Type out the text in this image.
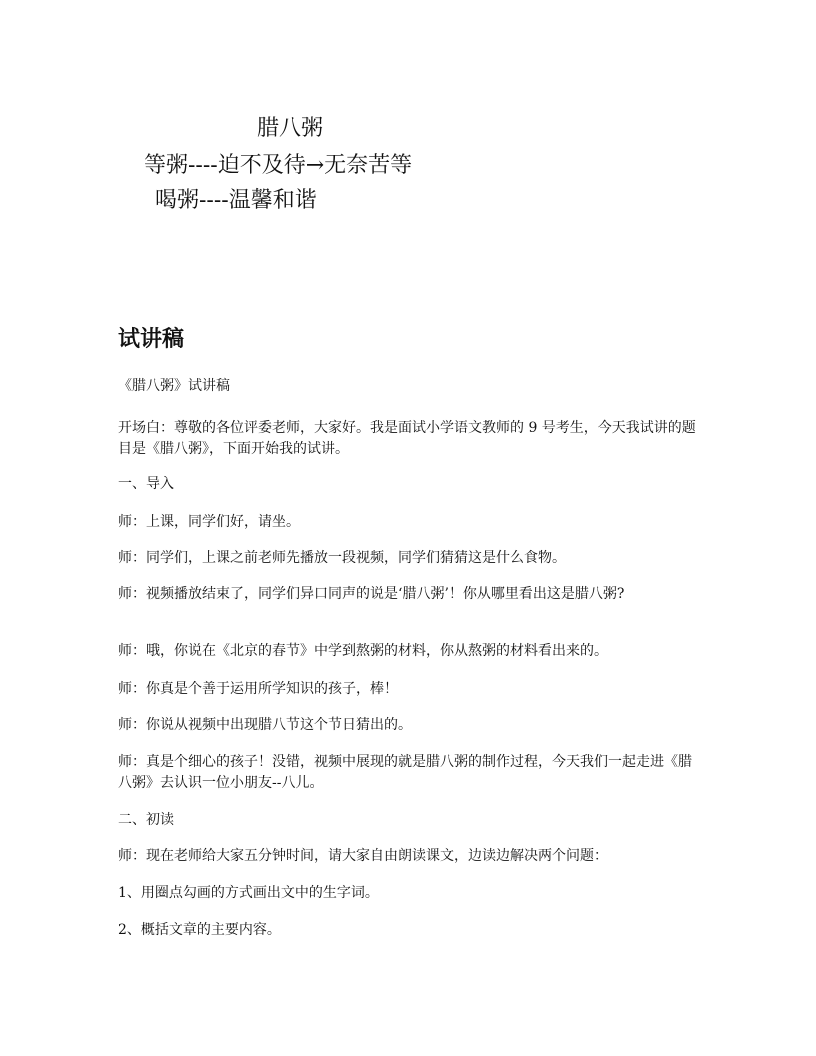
腊八粥
等粥----迫不及待→无奈苦等
喝粥----温馨和谐
试讲稿
《腊八粥》试讲稿
开场白：尊敬的各位评委老师，大家好。我是面试小学语文教师的 9 号考生，今天我试讲的题目是《腊八粥》，下面开始我的试讲。
一、导入
师：上课，同学们好，请坐。
师：同学们，上课之前老师先播放一段视频，同学们猜猜这是什么食物。
师：视频播放结束了，同学们异口同声的说是‘腊八粥’！你从哪里看出这是腊八粥?
师：哦，你说在《北京的春节》中学到熬粥的材料，你从熬粥的材料看出来的。
师：你真是个善于运用所学知识的孩子，棒！
师：你说从视频中出现腊八节这个节日猜出的。
师：真是个细心的孩子！没错，视频中展现的就是腊八粥的制作过程，今天我们一起走进《腊八粥》去认识一位小朋友--八儿。
二、初读
师：现在老师给大家五分钟时间，请大家自由朗读课文，边读边解决两个问题：
1、用圈点勾画的方式画出文中的生字词。
2、概括文章的主要内容。
